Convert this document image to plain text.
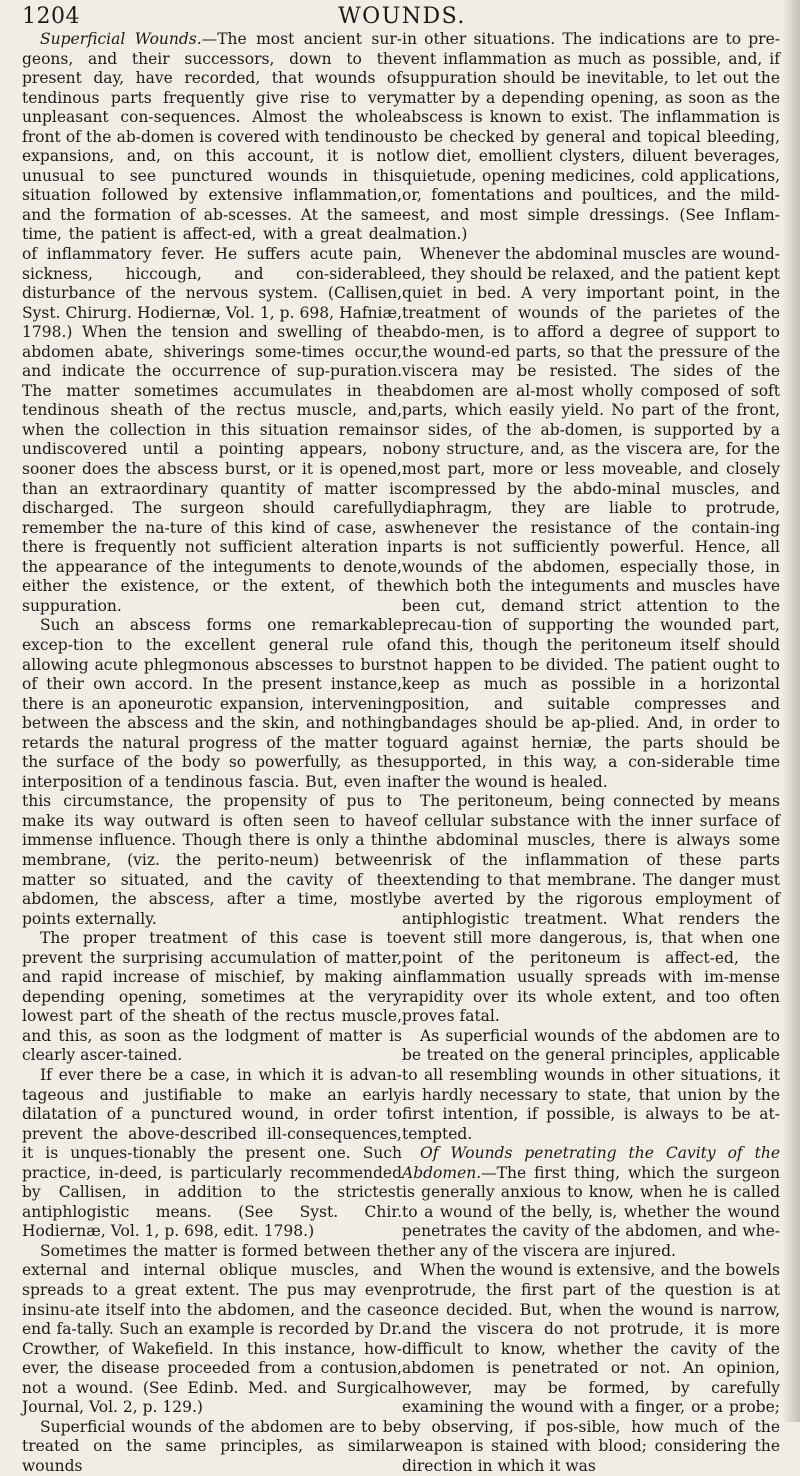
1204	WOUNDS.

Superficial Wounds.—The most ancient sur-geons, and their successors, down to the present day, have recorded, that wounds of tendinous parts frequently give rise to very unpleasant con-sequences. Almost the whole front of the ab-domen is covered with tendinous expansions, and, on this account, it is not unusual to see punctured wounds in this situation followed by extensive inflammation, and the formation of ab-scesses. At the same time, the patient is affect-ed, with a great deal of inflammatory fever. He suffers acute pain, sickness, hiccough, and con-siderable disturbance of the nervous system. (Callisen, Syst. Chirurg. Hodiernæ, Vol. 1, p. 698, Hafniæ, 1798.) When the tension and swelling of the abdomen abate, shiverings some-times occur, and indicate the occurrence of sup-puration. The matter sometimes accumulates in the tendinous sheath of the rectus muscle, and, when the collection in this situation remains undiscovered until a pointing appears, no sooner does the abscess burst, or it is opened, than an extraordinary quantity of matter is discharged. The surgeon should carefully remember the na-ture of this kind of case, as there is frequently not sufficient alteration in the appearance of the integuments to denote, either the existence, or the extent, of the suppuration.

Such an abscess forms one remarkable excep-tion to the excellent general rule of allowing acute phlegmonous abscesses to burst of their own accord. In the present instance, there is an aponeurotic expansion, intervening between the abscess and the skin, and nothing retards the natural progress of the matter to the surface of the body so powerfully, as the interposition of a tendinous fascia. But, even in this circumstance, the propensity of pus to make its way outward is often seen to have immense influence. Though there is only a thin membrane, (viz. the perito-neum) between matter so situated, and the cavity of the abdomen, the abscess, after a time, mostly points externally.

The proper treatment of this case is to prevent the surprising accumulation of matter, and rapid increase of mischief, by making a depending opening, sometimes at the very lowest part of the sheath of the rectus muscle, and this, as soon as the lodgment of matter is clearly ascer-tained.

If ever there be a case, in which it is advan-tageous and justifiable to make an early dilatation of a punctured wound, in order to prevent the above-described ill-consequences, it is unques-tionably the present one. Such practice, in-deed, is particularly recommended by Callisen, in addition to the strictest antiphlogistic means. (See Syst. Chir. Hodiernæ, Vol. 1, p. 698, edit. 1798.)

Sometimes the matter is formed between the external and internal oblique muscles, and spreads to a great extent. The pus may even insinu-ate itself into the abdomen, and the case end fa-tally. Such an example is recorded by Dr. Crowther, of Wakefield. In this instance, how-ever, the disease proceeded from a contusion, not a wound. (See Edinb. Med. and Surgical Journal, Vol. 2, p. 129.)

Superficial wounds of the abdomen are to be treated on the same principles, as similar wounds

in other situations. The indications are to pre-vent inflammation as much as possible, and, if suppuration should be inevitable, to let out the matter by a depending opening, as soon as the abscess is known to exist. The inflammation is to be checked by general and topical bleeding, low diet, emollient clysters, diluent beverages, quietude, opening medicines, cold applications, or, fomentations and poultices, and the mild-est, and most simple dressings. (See Inflam-mation.)

Whenever the abdominal muscles are wound-ed, they should be relaxed, and the patient kept quiet in bed. A very important point, in the treatment of wounds of the parietes of the abdo-men, is to afford a degree of support to the wound-ed parts, so that the pressure of the viscera may be resisted. The sides of the abdomen are al-most wholly composed of soft parts, which easily yield. No part of the front, or sides, of the ab-domen, is supported by a bony structure, and, as the viscera are, for the most part, more or less moveable, and closely compressed by the abdo-minal muscles, and diaphragm, they are liable to protrude, whenever the resistance of the contain-ing parts is not sufficiently powerful. Hence, all wounds of the abdomen, especially those, in which both the integuments and muscles have been cut, demand strict attention to the precau-tion of supporting the wounded part, and this, though the peritoneum itself should not happen to be divided. The patient ought to keep as much as possible in a horizontal position, and suitable compresses and bandages should be ap-plied. And, in order to guard against herniæ, the parts should be supported, in this way, a con-siderable time after the wound is healed.

The peritoneum, being connected by means of cellular substance with the inner surface of the abdominal muscles, there is always some risk of the inflammation of these parts extending to that membrane. The danger must be averted by the rigorous employment of antiphlogistic treatment. What renders the event still more dangerous, is, that when one point of the peritoneum is affect-ed, the inflammation usually spreads with im-mense rapidity over its whole extent, and too often proves fatal.

As superficial wounds of the abdomen are to be treated on the general principles, applicable to all resembling wounds in other situations, it is hardly necessary to state, that union by the first intention, if possible, is always to be at-tempted.

Of Wounds penetrating the Cavity of the Abdomen.—The first thing, which the surgeon is generally anxious to know, when he is called to a wound of the belly, is, whether the wound penetrates the cavity of the abdomen, and whe-ther any of the viscera are injured.

When the wound is extensive, and the bowels protrude, the first part of the question is at once decided. But, when the wound is narrow, and the viscera do not protrude, it is more difficult to know, whether the cavity of the abdomen is penetrated or not. An opinion, however, may be formed, by carefully examining the wound with a finger, or a probe; by observing, if pos-sible, how much of the weapon is stained with blood; considering the direction in which it was
